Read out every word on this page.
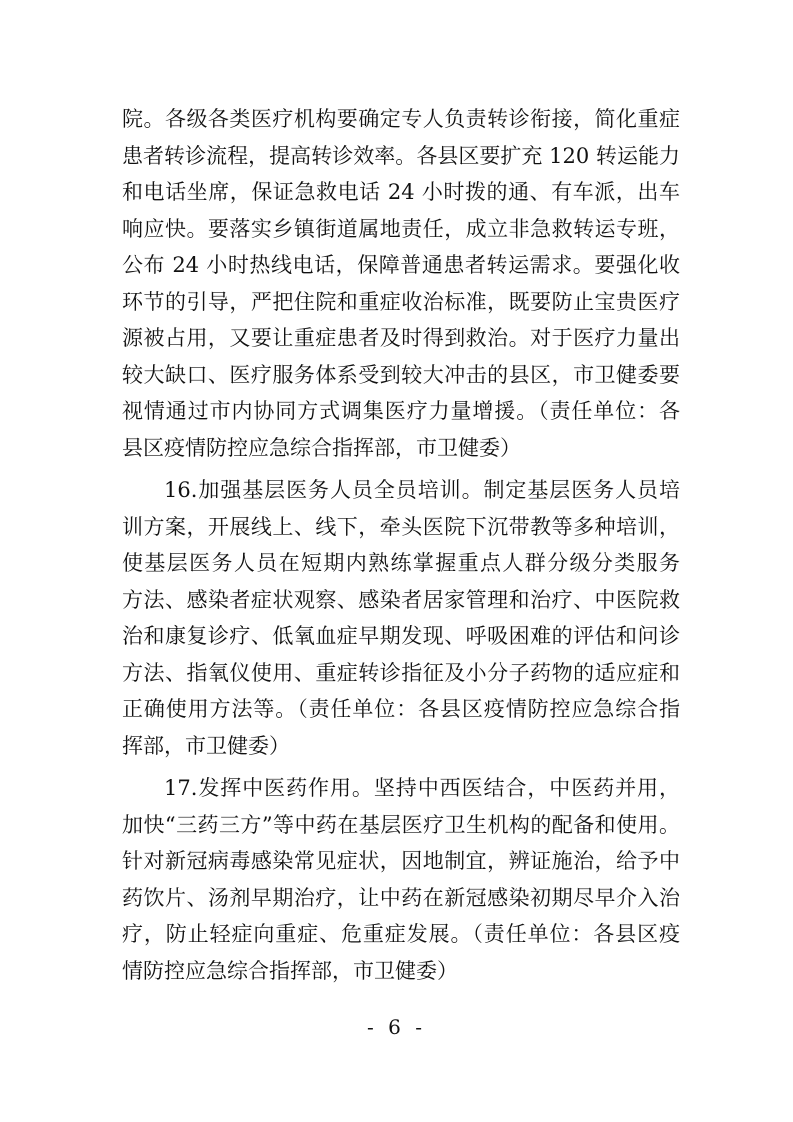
院。各级各类医疗机构要确定专人负责转诊衔接，简化重症
患者转诊流程，提高转诊效率。各县区要扩充 120 转运能力
和电话坐席，保证急救电话 24 小时拨的通、有车派，出车
响应快。要落实乡镇街道属地责任，成立非急救转运专班，
公布 24 小时热线电话，保障普通患者转运需求。要强化收
环节的引导，严把住院和重症收治标准，既要防止宝贵医疗
源被占用，又要让重症患者及时得到救治。对于医疗力量出
较大缺口、医疗服务体系受到较大冲击的县区，市卫健委要
视情通过市内协同方式调集医疗力量增援。（责任单位：各
县区疫情防控应急综合指挥部，市卫健委）
16.加强基层医务人员全员培训。制定基层医务人员培
训方案，开展线上、线下，牵头医院下沉带教等多种培训，
使基层医务人员在短期内熟练掌握重点人群分级分类服务
方法、感染者症状观察、感染者居家管理和治疗、中医院救
治和康复诊疗、低氧血症早期发现、呼吸困难的评估和问诊
方法、指氧仪使用、重症转诊指征及小分子药物的适应症和
正确使用方法等。（责任单位：各县区疫情防控应急综合指
挥部，市卫健委）
17.发挥中医药作用。坚持中西医结合，中医药并用，
加快“三药三方”等中药在基层医疗卫生机构的配备和使用。
针对新冠病毒感染常见症状，因地制宜，辨证施治，给予中
药饮片、汤剂早期治疗，让中药在新冠感染初期尽早介入治
疗，防止轻症向重症、危重症发展。（责任单位：各县区疫
情防控应急综合指挥部，市卫健委）
- 6 -
